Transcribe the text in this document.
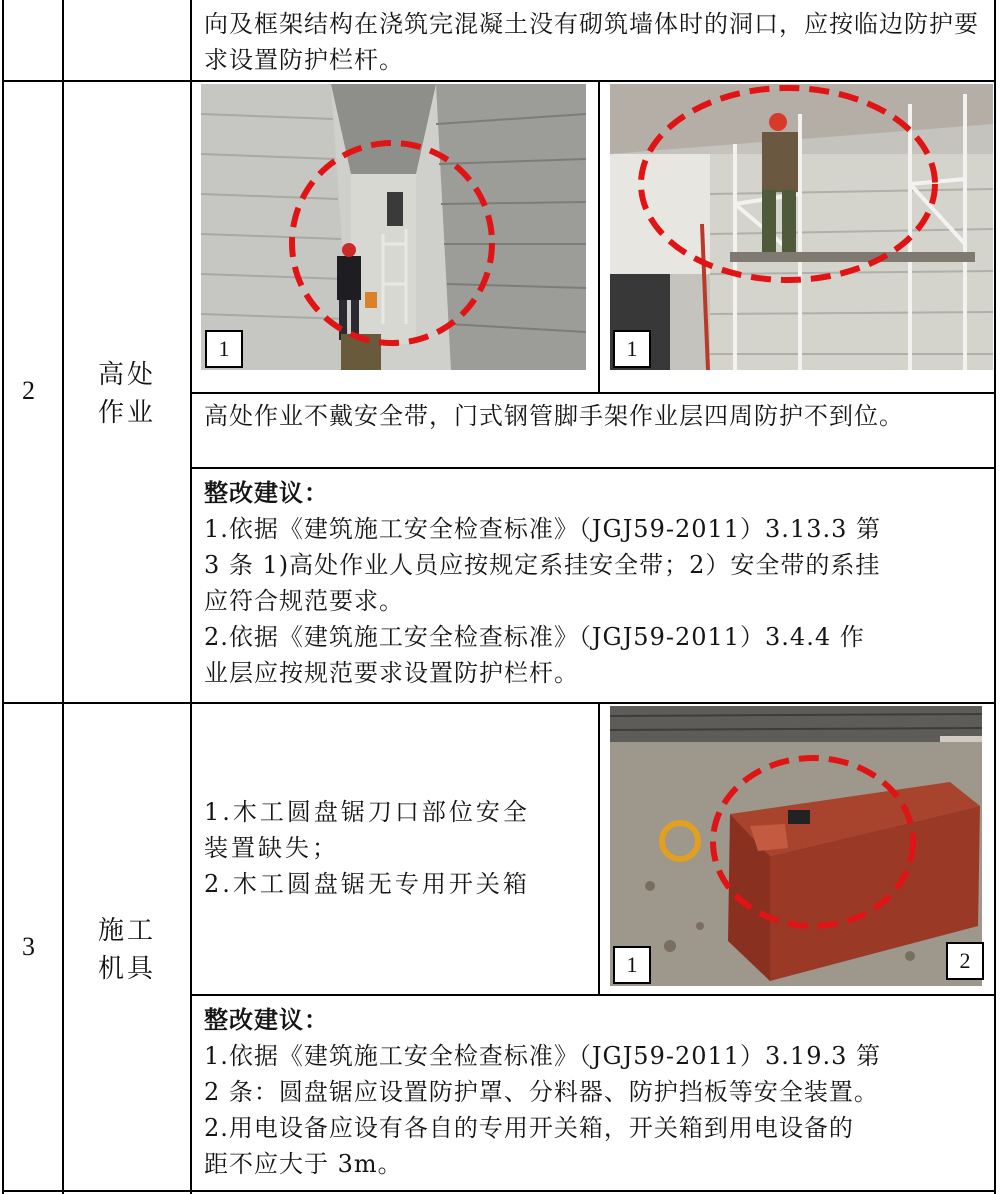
向及框架结构在浇筑完混凝土没有砌筑墙体时的洞口，应按临边防护要求设置防护栏杆。
2
高处
作业
1	1
高处作业不戴安全带，门式钢管脚手架作业层四周防护不到位。
整改建议：
1.依据《建筑施工安全检查标准》（JGJ59-2011）3.13.3 第
3 条 1)高处作业人员应按规定系挂安全带；2）安全带的系挂
应符合规范要求。
2.依据《建筑施工安全检查标准》（JGJ59-2011）3.4.4 作
业层应按规范要求设置防护栏杆。
3
施工
机具
1.木工圆盘锯刀口部位安全
装置缺失；
2.木工圆盘锯无专用开关箱
1	2
整改建议：
1.依据《建筑施工安全检查标准》（JGJ59-2011）3.19.3 第
2 条：圆盘锯应设置防护罩、分料器、防护挡板等安全装置。
2.用电设备应设有各自的专用开关箱，开关箱到用电设备的
距不应大于 3m。
